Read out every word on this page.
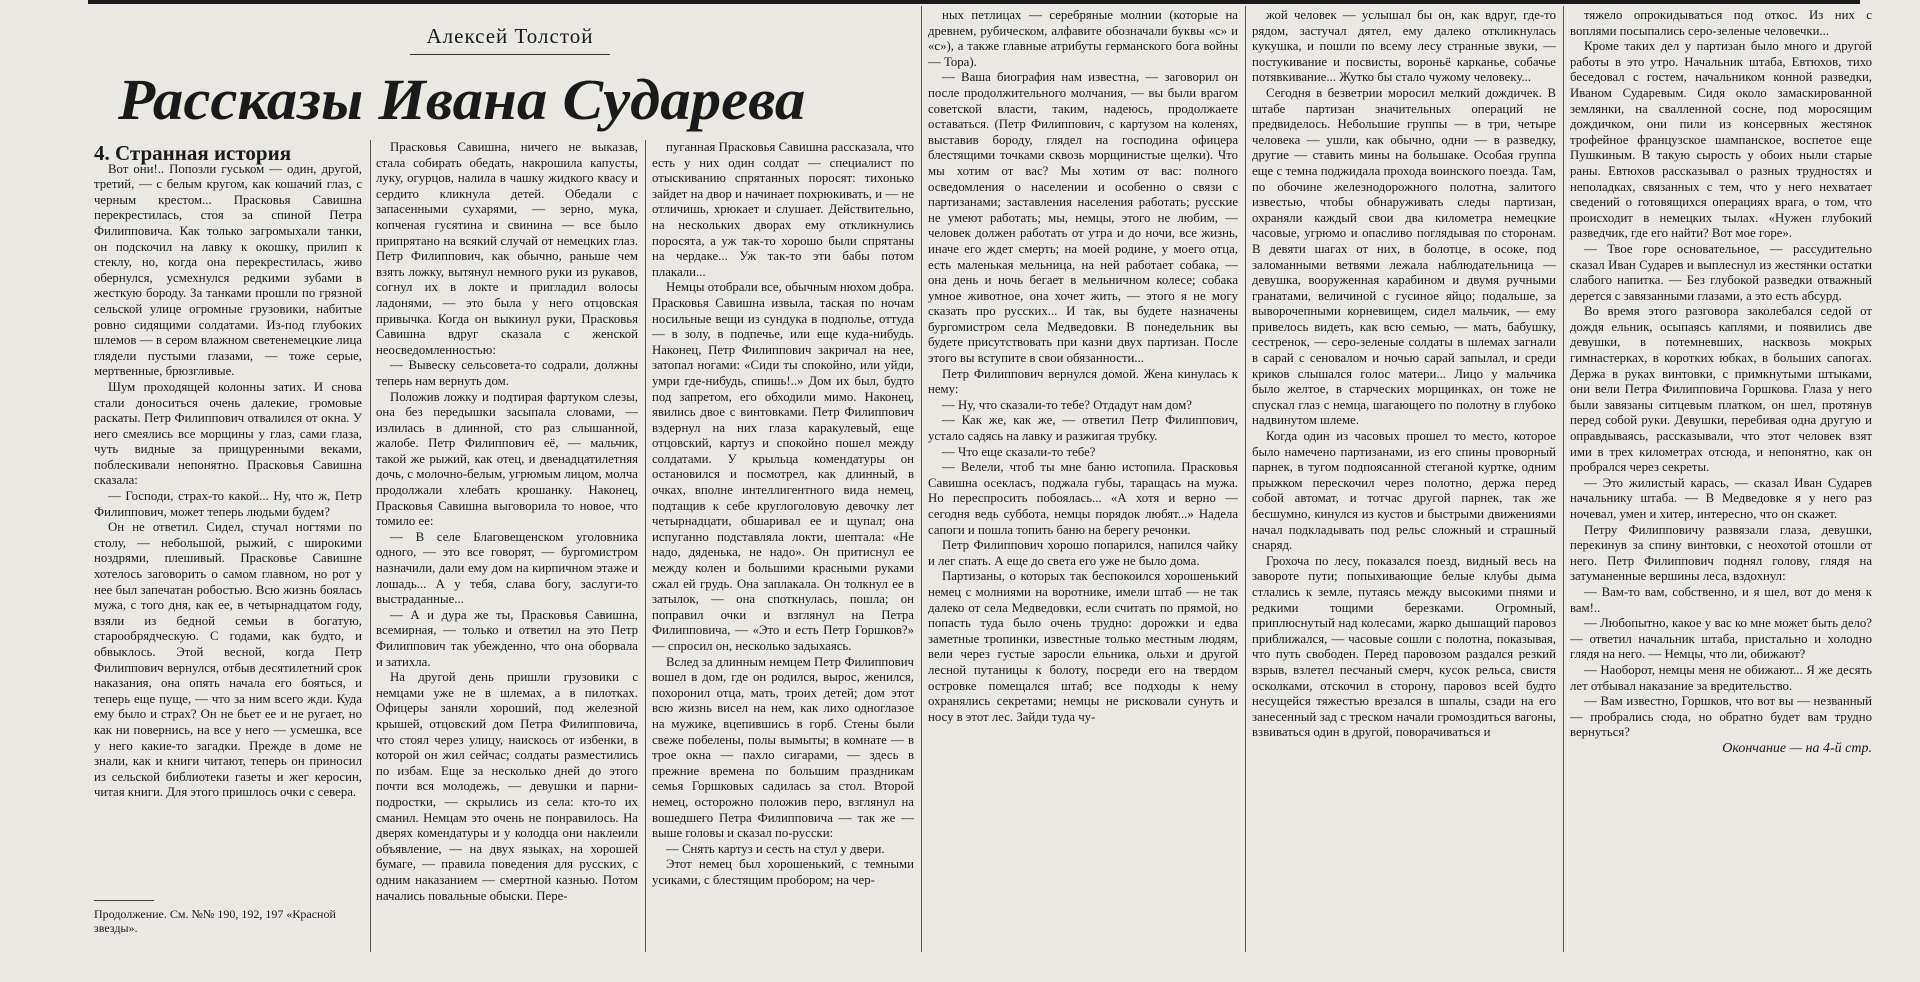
Алексей Толстой
Рассказы Ивана Сударева

4. Странная история

Вот они!.. Попозли гуськом — один, другой, третий, — с белым кругом, как кошачий глаз, с черным крестом... Прасковья Савишна перекрестилась, стоя за спиной Петра Филипповича. Как только загромыхали танки, он подскочил на лавку к окошку, прилип к стеклу, но, когда она перекрестилась, живо обернулся, усмехнулся редкими зубами в жесткую бороду. За танками прошли по грязной сельской улице огромные грузовики, набитые ровно сидящими солдатами. Из-под глубоких шлемов — в сером влажном светенемецкие лица глядели пустыми глазами, — тоже серые, мертвенные, брюзгливые.

Шум проходящей колонны затих. И снова стали доноситься очень далекие, громовые раскаты. Петр Филиппович отвалился от окна. У него смеялись все морщины у глаз, сами глаза, чуть видные за прищуренными веками, поблескивали непонятно. Прасковья Савишна сказала:

— Господи, страх-то какой... Ну, что ж, Петр Филиппович, может теперь людьми будем?

Он не ответил. Сидел, стучал ногтями по столу, — небольшой, рыжий, с широкими ноздрями, плешивый. Прасковье Савишне хотелось заговорить о самом главном, но рот у нее был запечатан робостью. Всю жизнь боялась мужа, с того дня, как ее, в четырнадцатом году, взяли из бедной семьи в богатую, старообрядческую. С годами, как будто, и обвыклось. Этой весной, когда Петр Филиппович вернулся, отбыв десятилетний срок наказания, она опять начала его бояться, и теперь еще пуще, — что за ним всего жди. Куда ему было и страх? Он не бьет ее и не ругает, но как ни повернись, на все у него — усмешка, все у него какие-то загадки. Прежде в доме не знали, как и книги читают, теперь он приносил из сельской библиотеки газеты и жег керосин, читая книги. Для этого пришлось очки с севера.

Продолжение. См. №№ 190, 192, 197 «Красной звезды».

Прасковья Савишна, ничего не выказав, стала собирать обедать, накрошила капусты, луку, огурцов, налила в чашку жидкого квасу и сердито кликнула детей. Обедали с запасенными сухарями, — зерно, мука, копченая гусятина и свинина — все было припрятано на всякий случай от немецких глаз. Петр Филиппович, как обычно, раньше чем взять ложку, вытянул немного руки из рукавов, согнул их в локте и пригладил волосы ладонями, — это была у него отцовская привычка. Когда он выкинул руки, Прасковья Савишна вдруг сказала с женской неосведомленностью:

— Вывеску сельсовета-то содрали, должны теперь нам вернуть дом.

Положив ложку и подтирая фартуком слезы, она без передышки засыпала словами, — излилась в длинной, сто раз слышанной, жалобе. Петр Филиппович её, — мальчик, такой же рыжий, как отец, и двенадцатилетняя дочь, с молочно-белым, угрюмым лицом, молча продолжали хлебать крошанку. Наконец, Прасковья Савишна выговорила то новое, что томило ее:

— В селе Благовещенском уголовника одного, — это все говорят, — бургомистром назначили, дали ему дом на кирпичном этаже и лошадь... А у тебя, слава богу, заслуги-то выстраданные...

— А и дура же ты, Прасковья Савишна, всемирная, — только и ответил на это Петр Филиппович так убежденно, что она оборвала и затихла.

На другой день пришли грузовики с немцами уже не в шлемах, а в пилотках. Офицеры заняли хороший, под железной крышей, отцовский дом Петра Филипповича, что стоял через улицу, наискось от избенки, в которой он жил сейчас; солдаты разместились по избам. Еще за несколько дней до этого почти вся молодежь, — девушки и парни-подростки, — скрылись из села: кто-то их сманил. Немцам это очень не понравилось. На дверях комендатуры и у колодца они наклеили объявление, — на двух языках, на хорошей бумаге, — правила поведения для русских, с одним наказанием — смертной казнью. Потом начались повальные обыски. Пере-

пуганная Прасковья Савишна рассказала, что есть у них один солдат — специалист по отыскиванию спрятанных поросят: тихонько зайдет на двор и начинает похрюкивать, и — не отличишь, хрюкает и слушает. Действительно, на нескольких дворах ему откликнулись поросята, а уж так-то хорошо были спрятаны на чердаке... Уж так-то эти бабы потом плакали...

Немцы отобрали все, обычным нюхом добра. Прасковья Савишна извыла, таская по ночам носильные вещи из сундука в подполье, оттуда — в золу, в подпечье, или еще куда-нибудь. Наконец, Петр Филиппович закричал на нее, затопал ногами: «Сиди ты спокойно, или уйди, умри где-нибудь, спишь!..» Дом их был, будто под запретом, его обходили мимо. Наконец, явились двое с винтовками. Петр Филиппович вздернул на них глаза каракулевый, еще отцовский, картуз и спокойно пошел между солдатами. У крыльца комендатуры он остановился и посмотрел, как длинный, в очках, вполне интеллигентного вида немец, подтащив к себе круглоголовую девочку лет четырнадцати, обшаривал ее и щупал; она испуганно подставляла локти, шептала: «Не надо, дяденька, не надо». Он притиснул ее между колен и большими красными руками сжал ей грудь. Она заплакала. Он толкнул ее в затылок, — она споткнулась, пошла; он поправил очки и взглянул на Петра Филипповича, — «Это и есть Петр Горшков?» — спросил он, несколько задыхаясь.

Вслед за длинным немцем Петр Филиппович вошел в дом, где он родился, вырос, женился, похоронил отца, мать, троих детей; дом этот всю жизнь висел на нем, как лихо одноглазое на мужике, вцепившись в горб. Стены были свеже побелены, полы вымыты; в комнате — в трое окна — пахло сигарами, — здесь в прежние времена по большим праздникам семья Горшковых садилась за стол. Второй немец, осторожно положив перо, взглянул на вошедшего Петра Филипповича — так же — выше головы и сказал по-русски:

— Снять картуз и сесть на стул у двери.

Этот немец был хорошенький, с темными усиками, с блестящим пробором; на чер-

ных петлицах — серебряные молнии (которые на древнем, рубическом, алфавите обозначали буквы «с» и «с»), а также главные атрибуты германского бога войны — Тора).

— Ваша биография нам известна, — заговорил он после продолжительного молчания, — вы были врагом советской власти, таким, надеюсь, продолжаете оставаться. (Петр Филиппович, с картузом на коленях, выставив бороду, глядел на господина офицера блестящими точками сквозь морщинистые щелки). Что мы хотим от вас? Мы хотим от вас: полного осведомления о населении и особенно о связи с партизанами; заставления населения работать; русские не умеют работать; мы, немцы, этого не любим, — человек должен работать от утра и до ночи, все жизнь, иначе его ждет смерть; на моей родине, у моего отца, есть маленькая мельница, на ней работает собака, — она день и ночь бегает в мельничном колесе; собака умное животное, она хочет жить, — этого я не могу сказать про русских... И так, вы будете назначены бургомистром села Медведовки. В понедельник вы будете присутствовать при казни двух партизан. После этого вы вступите в свои обязанности...

Петр Филиппович вернулся домой. Жена кинулась к нему:

— Ну, что сказали-то тебе? Отдадут нам дом?

— Как же, как же, — ответил Петр Филиппович, устало садясь на лавку и разжигая трубку.

— Что еще сказали-то тебе?

— Велели, чтоб ты мне баню истопила. Прасковья Савишна осекласъ, поджала губы, таращась на мужа. Но переспросить побоялась... «А хотя и верно — сегодня ведь суббота, немцы порядок любят...» Надела сапоги и пошла топить баню на берегу речонки.

Петр Филиппович хорошо попарился, напился чайку и лег спать. А еще до света его уже не было дома.

Партизаны, о которых так беспокоился хорошенький немец с молниями на воротнике, имели штаб — не так далеко от села Медведовки, если считать по прямой, но попасть туда было очень трудно: дорожки и едва заметные тропинки, известные только местным людям, вели через густые заросли ельника, ольхи и другой лесной путаницы к болоту, посреди его на твердом островке помещался штаб; все подходы к нему охранялись секретами; немцы не рисковали сунуть и носу в этот лес. Зайди туда чу-

жой человек — услышал бы он, как вдруг, где-то рядом, застучал дятел, ему далеко откликнулась кукушка, и пошли по всему лесу странные звуки, — постукивание и посвисты, вороньё карканье, собачье потявкивание... Жутко бы стало чужому человеку...

Сегодня в безветрии моросил мелкий дождичек. В штабе партизан значительных операций не предвиделось. Небольшие группы — в три, четыре человека — ушли, как обычно, одни — в разведку, другие — ставить мины на большаке. Особая группа еще с темна поджидала прохода воинского поезда. Там, по обочине железнодорожного полотна, залитого известью, чтобы обнаруживать следы партизан, охраняли каждый свои два километра немецкие часовые, угрюмо и опасливо поглядывая по сторонам. В девяти шагах от них, в болотце, в осоке, под заломанными ветвями лежала наблюдательница — девушка, вооруженная карабином и двумя ручными гранатами, величиной с гусиное яйцо; подальше, за выворочепными корневищем, сидел мальчик, — ему привелось видеть, как всю семью, — мать, бабушку, сестренок, — серо-зеленые солдаты в шлемах загнали в сарай с сеновалом и ночью сарай запылал, и среди криков слышался голос матери... Лицо у мальчика было желтое, в старческих морщинках, он тоже не спускал глаз с немца, шагающего по полотну в глубоко надвинутом шлеме.

Когда один из часовых прошел то место, которое было намечено партизанами, из его спины проворный парнек, в тугом подпоясанной стеганой куртке, одним прыжком перескочил через полотно, держа перед собой автомат, и тотчас другой парнек, так же бесшумно, кинулся из кустов и быстрыми движениями начал подкладывать под рельс сложный и страшный снаряд.

Грохоча по лесу, показался поезд, видный весь на завороте пути; попыхивающие белые клубы дыма стлались к земле, путаясь между высокими пнями и редкими тощими березками. Огромный, приплюснутый над колесами, жарко дышащий паровоз приближался, — часовые сошли с полотна, показывая, что путь свободен. Перед паровозом раздался резкий взрыв, взлетел песчаный смерч, кусок рельса, свистя осколками, отскочил в сторону, паровоз всей будто несущейся тяжестью врезался в шпалы, сзади на его занесенный зад с треском начали громоздиться вагоны, взвиваться один в другой, поворачиваться и

тяжело опрокидываться под откос. Из них с воплями посыпались серо-зеленые человечки...

Кроме таких дел у партизан было много и другой работы в это утро. Начальник штаба, Евтюхов, тихо беседовал с гостем, начальником конной разведки, Иваном Сударевым. Сидя около замаскированной землянки, на свалленной сосне, под моросящим дождичком, они пили из консервных жестянок трофейное французское шампанское, воспетое еще Пушкиным. В такую сырость у обоих ныли старые раны. Евтюхов рассказывал о разных трудностях и неполадках, связанных с тем, что у него нехватает сведений о готовящихся операциях врага, о том, что происходит в немецких тылах. «Нужен глубокий разведчик, где его найти? Вот мое горе».

— Твое горе основательное, — рассудительно сказал Иван Сударев и выплеснул из жестянки остатки слабого напитка. — Без глубокой разведки отважный дерется с завязанными глазами, а это есть абсурд.

Во время этого разговора заколебался седой от дождя ельник, осыпаясь каплями, и появились две девушки, в потемневших, насквозь мокрых гимнастерках, в коротких юбках, в больших сапогах. Держа в руках винтовки, с примкнутыми штыками, они вели Петра Филипповича Горшкова. Глаза у него были завязаны ситцевым платком, он шел, протянув перед собой руки. Девушки, перебивая одна другую и оправдываясь, рассказывали, что этот человек взят ими в трех километрах отсюда, и непонятно, как он пробрался через секреты.

— Это жилистый карась, — сказал Иван Сударев начальнику штаба. — В Медведовке я у него раз ночевал, умен и хитер, интересно, что он скажет.

Петру Филипповичу развязали глаза, девушки, перекинув за спину винтовки, с неохотой отошли от него. Петр Филиппович поднял голову, глядя на затуманенные вершины леса, вздохнул:

— Вам-то вам, собственно, и я шел, вот до меня к вам!..

— Любопытно, какое у вас ко мне может быть дело? — ответил начальник штаба, пристально и холодно глядя на него. — Немцы, что ли, обижают?

— Наоборот, немцы меня не обижают... Я же десять лет отбывал наказание за вредительство.

— Вам известно, Горшков, что вот вы — незванный — пробрались сюда, но обратно будет вам трудно вернуться?

Окончание — на 4-й стр.
